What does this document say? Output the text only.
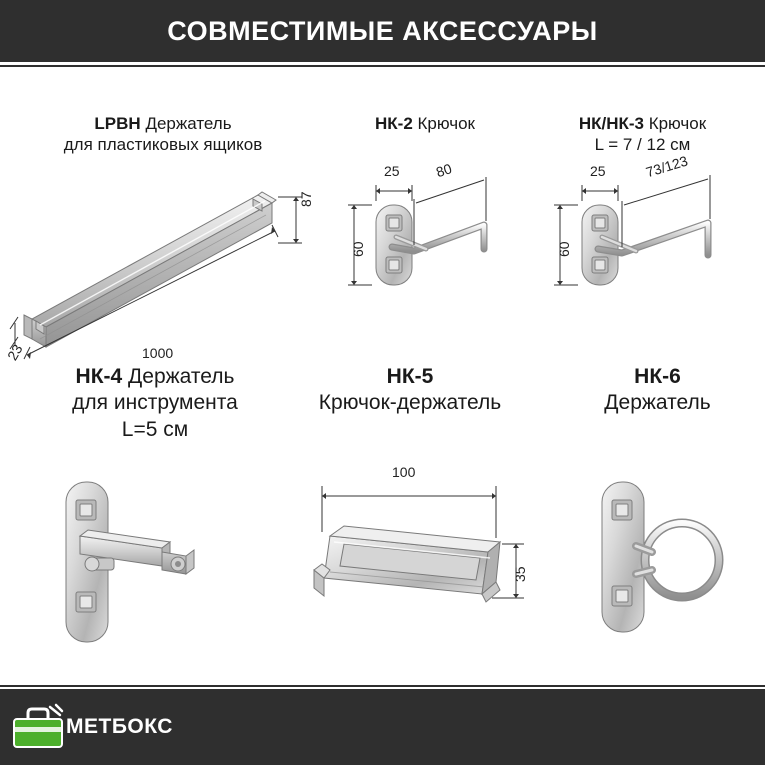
СОВМЕСТИМЫЕ АКСЕССУАРЫ
LPBH Держатель
для пластиковых ящиков
87
1000
23
НК-2 Крючок
25 80
60
НК/НК-3 Крючок
L = 7 / 12 см
25	73/123
60
НК-4 Держатель
для инструмента
L=5 см
НК-5
Крючок-держатель
100
35
НК-6
Держатель
МЕТБОКС
